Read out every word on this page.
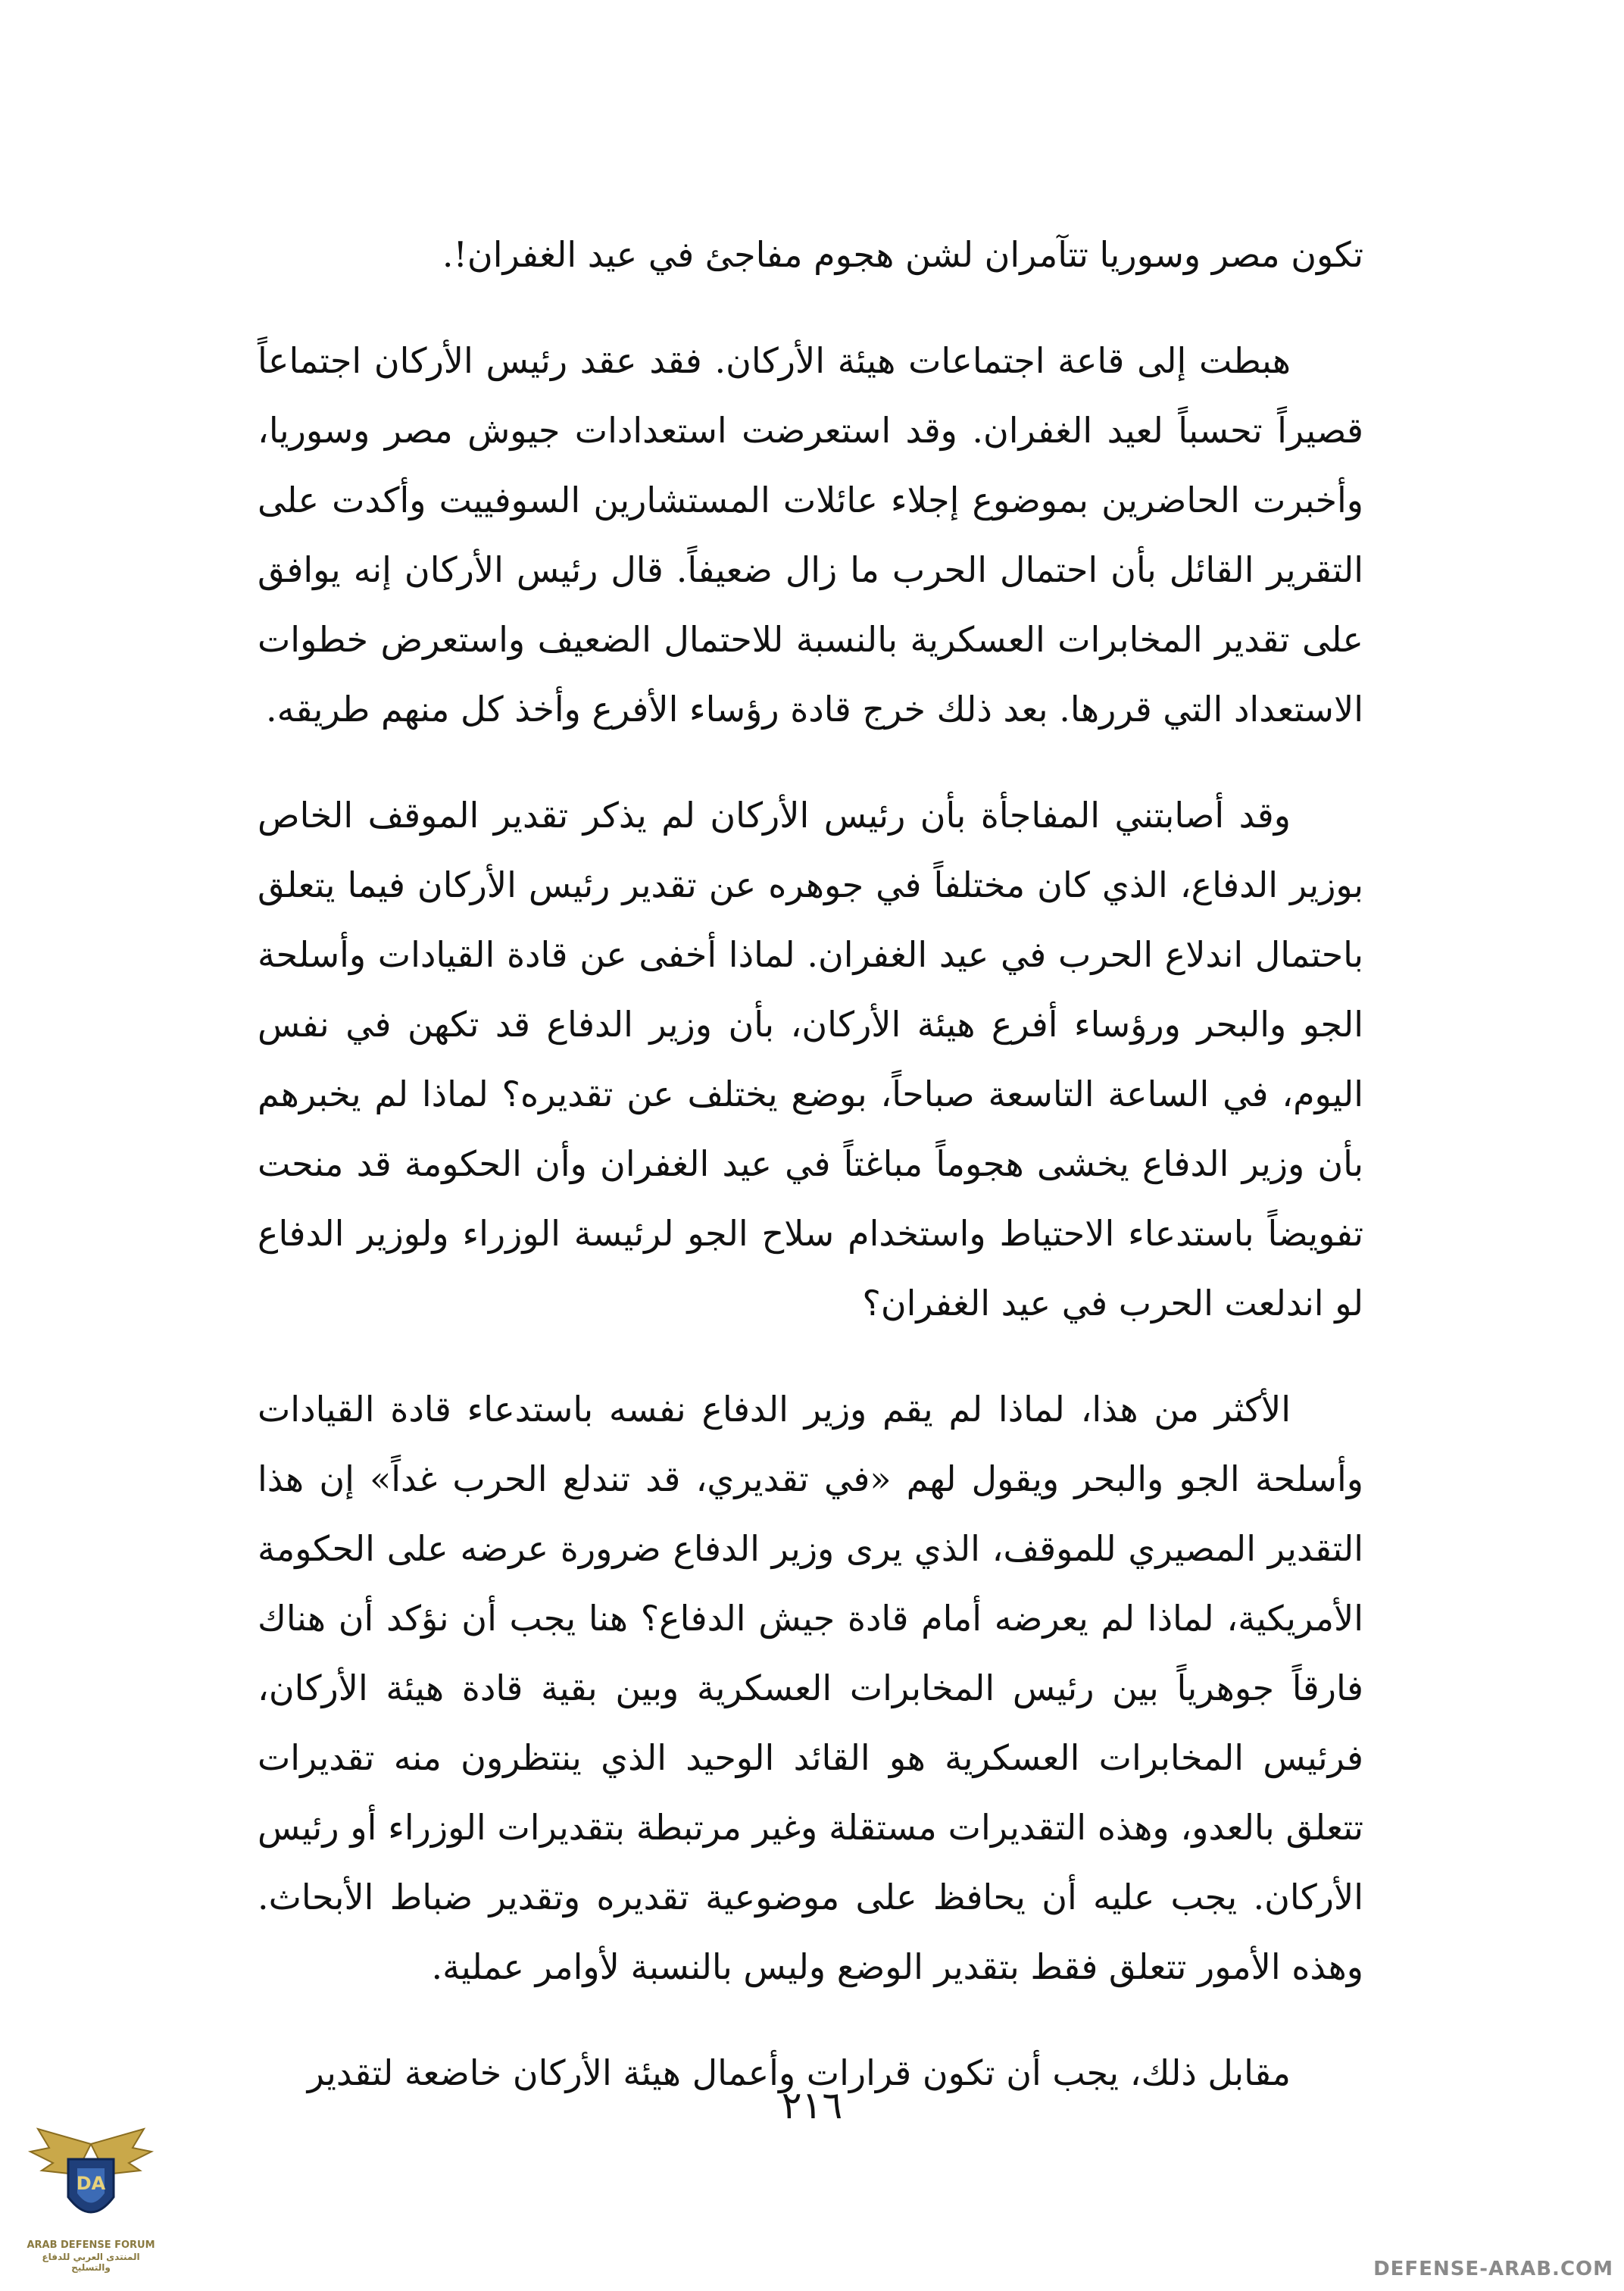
تكون مصر وسوريا تتآمران لشن هجوم مفاجئ في عيد الغفران!.

هبطت إلى قاعة اجتماعات هيئة الأركان. فقد عقد رئيس الأركان اجتماعاً قصيراً تحسباً لعيد الغفران. وقد استعرضت استعدادات جيوش مصر وسوريا، وأخبرت الحاضرين بموضوع إجلاء عائلات المستشارين السوفييت وأكدت على التقرير القائل بأن احتمال الحرب ما زال ضعيفاً. قال رئيس الأركان إنه يوافق على تقدير المخابرات العسكرية بالنسبة للاحتمال الضعيف واستعرض خطوات الاستعداد التي قررها. بعد ذلك خرج قادة رؤساء الأفرع وأخذ كل منهم طريقه.

وقد أصابتني المفاجأة بأن رئيس الأركان لم يذكر تقدير الموقف الخاص بوزير الدفاع، الذي كان مختلفاً في جوهره عن تقدير رئيس الأركان فيما يتعلق باحتمال اندلاع الحرب في عيد الغفران. لماذا أخفى عن قادة القيادات وأسلحة الجو والبحر ورؤساء أفرع هيئة الأركان، بأن وزير الدفاع قد تكهن في نفس اليوم، في الساعة التاسعة صباحاً، بوضع يختلف عن تقديره؟ لماذا لم يخبرهم بأن وزير الدفاع يخشى هجوماً مباغتاً في عيد الغفران وأن الحكومة قد منحت تفويضاً باستدعاء الاحتياط واستخدام سلاح الجو لرئيسة الوزراء ولوزير الدفاع لو اندلعت الحرب في عيد الغفران؟

الأكثر من هذا، لماذا لم يقم وزير الدفاع نفسه باستدعاء قادة القيادات وأسلحة الجو والبحر ويقول لهم «في تقديري، قد تندلع الحرب غداً» إن هذا التقدير المصيري للموقف، الذي يرى وزير الدفاع ضرورة عرضه على الحكومة الأمريكية، لماذا لم يعرضه أمام قادة جيش الدفاع؟ هنا يجب أن نؤكد أن هناك فارقاً جوهرياً بين رئيس المخابرات العسكرية وبين بقية قادة هيئة الأركان، فرئيس المخابرات العسكرية هو القائد الوحيد الذي ينتظرون منه تقديرات تتعلق بالعدو، وهذه التقديرات مستقلة وغير مرتبطة بتقديرات الوزراء أو رئيس الأركان. يجب عليه أن يحافظ على موضوعية تقديره وتقدير ضباط الأبحاث. وهذه الأمور تتعلق فقط بتقدير الوضع وليس بالنسبة لأوامر عملية.

مقابل ذلك، يجب أن تكون قرارات وأعمال هيئة الأركان خاضعة لتقدير

٢١٦
DA
ARAB DEFENSE FORUM
المنتدى العربي للدفاع والتسليح	DEFENSE-ARAB.COM
